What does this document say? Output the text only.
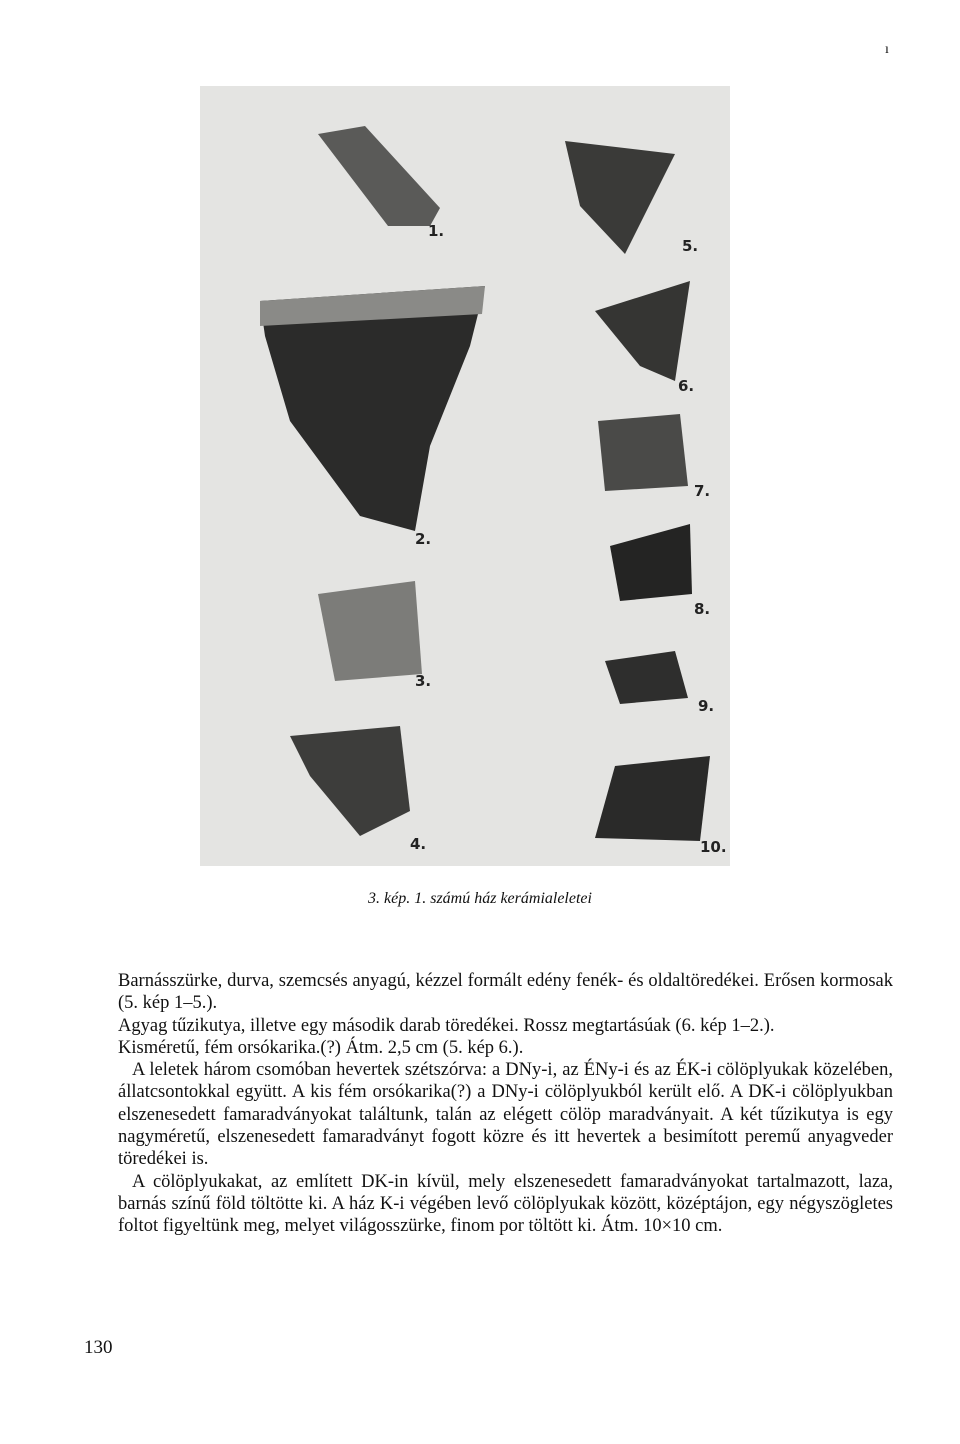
ı
1.
5.
6.
7.
2.
8.
3.
9.
4.	10.
3. kép. 1. számú ház kerámialeletei

Barnásszürke, durva, szemcsés anyagú, kézzel formált edény fenék- és oldaltöredékei. Erősen kormosak (5. kép 1–5.).

Agyag tűzikutya, illetve egy második darab töredékei. Rossz megtartásúak (6. kép 1–2.).

Kisméretű, fém orsókarika.(?) Átm. 2,5 cm (5. kép 6.).

A leletek három csomóban hevertek szétszórva: a DNy-i, az ÉNy-i és az ÉK-i cölöplyukak közelében, állatcsontokkal együtt. A kis fém orsókarika(?) a DNy-i cölöplyukból került elő. A DK-i cölöplyukban elszenesedett famaradványokat találtunk, talán az elégett cölöp maradványait. A két tűzikutya is egy nagyméretű, elszenesedett famaradványt fogott közre és itt hevertek a besimított peremű anyagveder töredékei is.

A cölöplyukakat, az említett DK-in kívül, mely elszenesedett famaradványokat tartalmazott, laza, barnás színű föld töltötte ki. A ház K-i végében levő cölöplyukak között, középtájon, egy négyszögletes foltot figyeltünk meg, melyet világosszürke, finom por töltött ki. Átm. 10×10 cm.

130
